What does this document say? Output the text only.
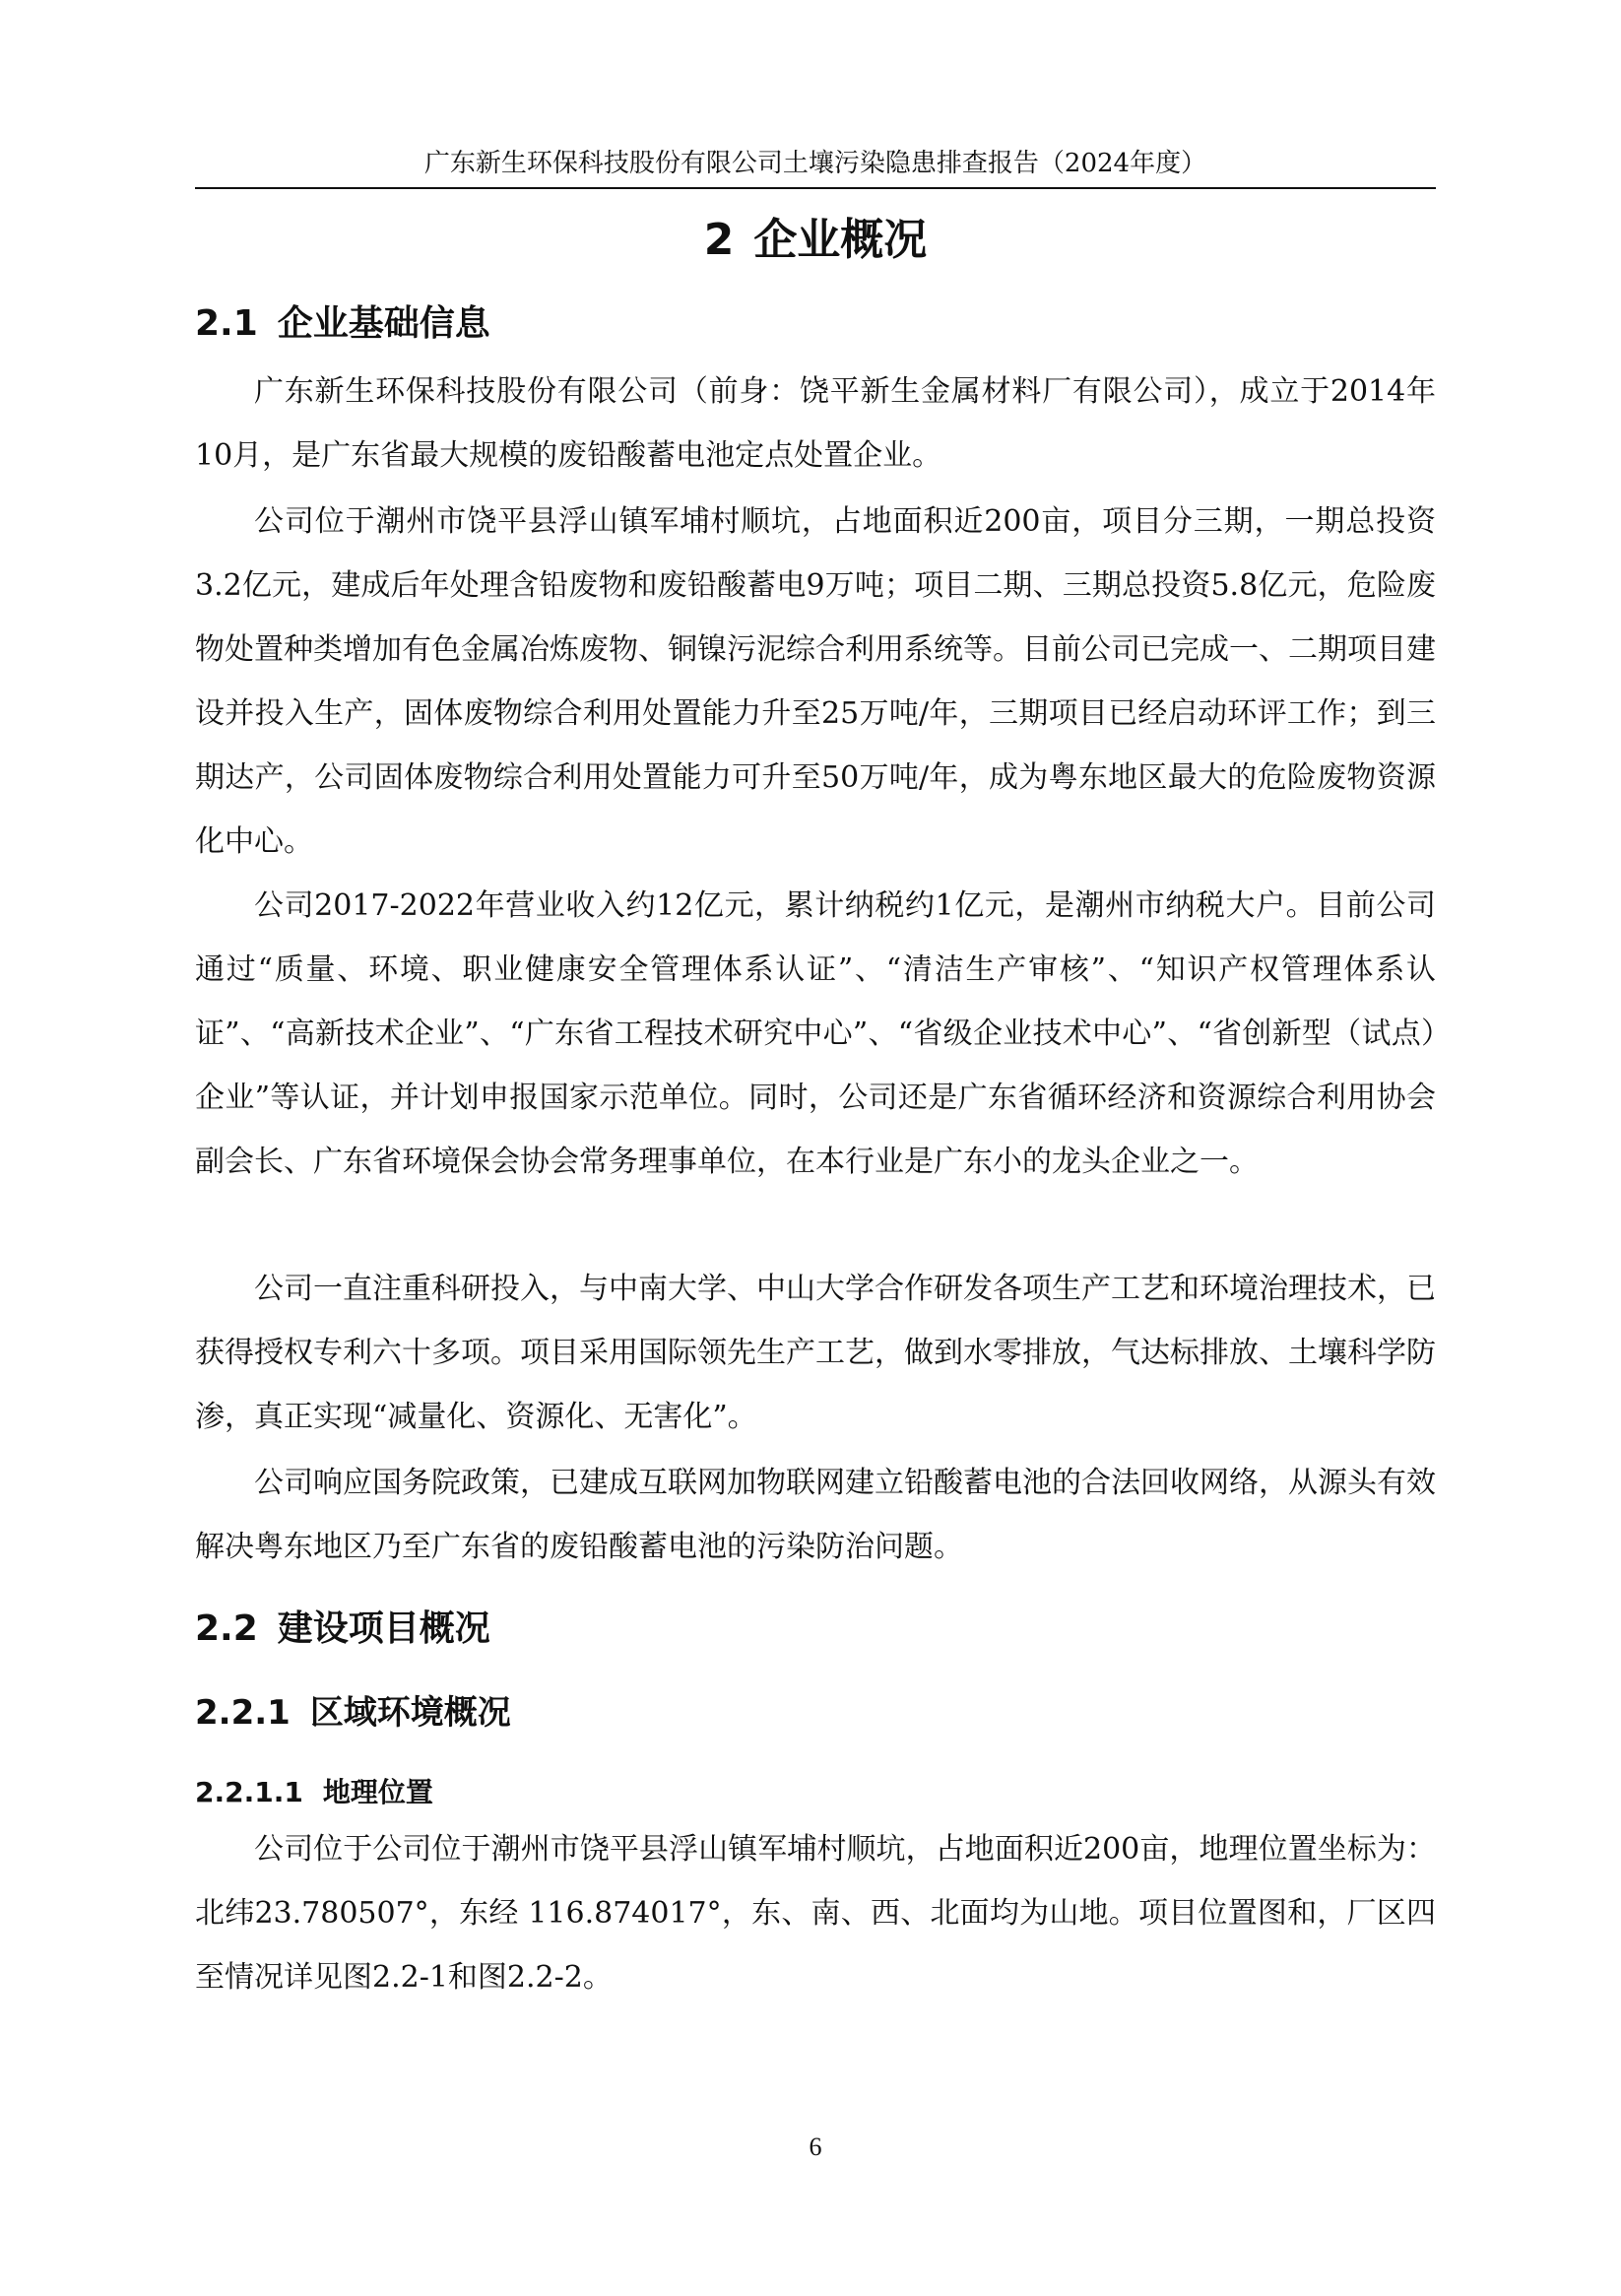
广东新生环保科技股份有限公司土壤污染隐患排查报告（2024年度）
2 企业概况
2.1 企业基础信息

广东新生环保科技股份有限公司（前身：饶平新生金属材料厂有限公司），成立于2014年10月，是广东省最大规模的废铅酸蓄电池定点处置企业。

公司位于潮州市饶平县浮山镇军埔村顺坑，占地面积近200亩，项目分三期，一期总投资3.2亿元，建成后年处理含铅废物和废铅酸蓄电9万吨；项目二期、三期总投资5.8亿元，危险废物处置种类增加有色金属冶炼废物、铜镍污泥综合利用系统等。目前公司已完成一、二期项目建设并投入生产，固体废物综合利用处置能力升至25万吨/年，三期项目已经启动环评工作；到三期达产，公司固体废物综合利用处置能力可升至50万吨/年，成为粤东地区最大的危险废物资源化中心。

公司2017-2022年营业收入约12亿元，累计纳税约1亿元，是潮州市纳税大户。目前公司通过“质量、环境、职业健康安全管理体系认证”、“清洁生产审核”、“知识产权管理体系认证”、“高新技术企业”、“广东省工程技术研究中心”、“省级企业技术中心”、“省创新型（试点）企业”等认证，并计划申报国家示范单位。同时，公司还是广东省循环经济和资源综合利用协会副会长、广东省环境保会协会常务理事单位，在本行业是广东小的龙头企业之一。

公司一直注重科研投入，与中南大学、中山大学合作研发各项生产工艺和环境治理技术，已获得授权专利六十多项。项目采用国际领先生产工艺，做到水零排放，气达标排放、土壤科学防渗，真正实现“减量化、资源化、无害化”。

公司响应国务院政策，已建成互联网加物联网建立铅酸蓄电池的合法回收网络，从源头有效解决粤东地区乃至广东省的废铅酸蓄电池的污染防治问题。

2.2 建设项目概况
2.2.1 区域环境概况
2.2.1.1 地理位置

公司位于公司位于潮州市饶平县浮山镇军埔村顺坑，占地面积近200亩，地理位置坐标为：北纬23.780507°，东经 116.874017°，东、南、西、北面均为山地。项目位置图和，厂区四至情况详见图2.2-1和图2.2-2。

6
